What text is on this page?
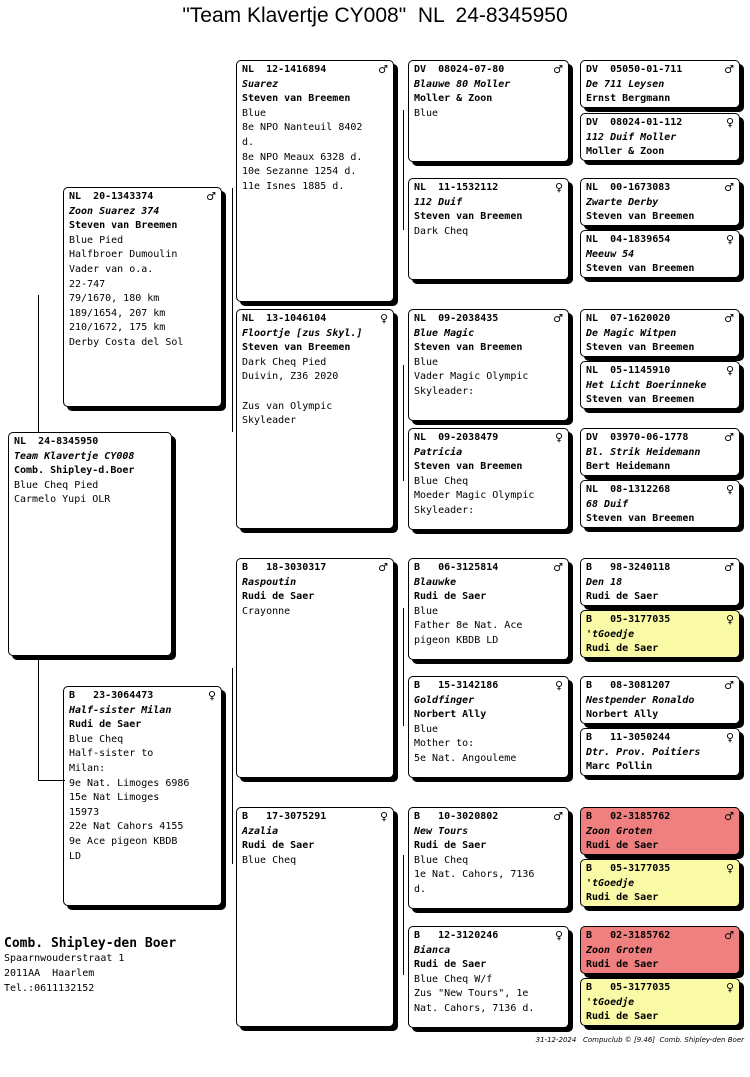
"Team Klavertje CY008"  NL  24-8345950
NL  24-8345950
Team Klavertje CY008
Comb. Shipley-d.Boer
Blue Cheq Pied
Carmelo Yupi OLR
NL  20-1343374	♂
Zoon Suarez 374
Steven van Breemen
Blue Pied
Halfbroer Dumoulin
Vader van o.a.
22-747
79/1670, 180 km
189/1654, 207 km
210/1672, 175 km
Derby Costa del Sol
B   23-3064473	♀
Half-sister Milan
Rudi de Saer
Blue Cheq
Half-sister to
Milan:
9e Nat. Limoges 6986
15e Nat Limoges
15973
22e Nat Cahors 4155
9e Ace pigeon KBDB
LD
NL  12-1416894	♂
Suarez
Steven van Breemen
Blue
8e NPO Nanteuil 8402
d.
8e NPO Meaux 6328 d.
10e Sezanne 1254 d.
11e Isnes 1885 d.
NL  13-1046104	♀
Floortje [zus Skyl.]
Steven van Breemen
Dark Cheq Pied
Duivin, Z36 2020
Zus van Olympic
Skyleader
B   18-3030317	♂
Raspoutin
Rudi de Saer
Crayonne
B   17-3075291	♀
Azalia
Rudi de Saer
Blue Cheq
DV  08024-07-80	♂
Blauwe 80 Moller
Moller & Zoon
Blue
NL  11-1532112	♀
112 Duif
Steven van Breemen
Dark Cheq
NL  09-2038435	♂
Blue Magic
Steven van Breemen
Blue
Vader Magic Olympic
Skyleader:
NL  09-2038479	♀
Patricia
Steven van Breemen
Blue Cheq
Moeder Magic Olympic
Skyleader:
B   06-3125814	♂
Blauwke
Rudi de Saer
Blue
Father 8e Nat. Ace
pigeon KBDB LD
B   15-3142186	♀
Goldfinger
Norbert Ally
Blue
Mother to:
5e Nat. Angouleme
B   10-3020802	♂
New Tours
Rudi de Saer
Blue Cheq
1e Nat. Cahors, 7136
d.
B   12-3120246	♀
Bianca
Rudi de Saer
Blue Cheq W/f
Zus "New Tours", 1e
Nat. Cahors, 7136 d.
DV  05050-01-711	♂
De 711 Leysen
Ernst Bergmann
DV  08024-01-112	♀
112 Duif Moller
Moller & Zoon
NL  00-1673083	♂
Zwarte Derby
Steven van Breemen
NL  04-1839654	♀
Meeuw 54
Steven van Breemen
NL  07-1620020	♂
De Magic Witpen
Steven van Breemen
NL  05-1145910	♀
Het Licht Boerinneke
Steven van Breemen
DV  03970-06-1778	♂
Bl. Strik Heidemann
Bert Heidemann
NL  08-1312268	♀
68 Duif
Steven van Breemen
B   98-3240118	♂
Den 18
Rudi de Saer
B   05-3177035	♀
'tGoedje
Rudi de Saer
B   08-3081207	♂
Nestpender Ronaldo
Norbert Ally
B   11-3050244	♀
Dtr. Prov. Poitiers
Marc Pollin
B   02-3185762	♂
Zoon Groten
Rudi de Saer
B   05-3177035	♀
'tGoedje
Rudi de Saer
B   02-3185762	♂
Zoon Groten
Rudi de Saer
B   05-3177035	♀
'tGoedje
Rudi de Saer
Comb. Shipley-den Boer
Spaarnwouderstraat 1
2011AA  Haarlem
Tel.:0611132152
31-12-2024   Compuclub © [9.46]  Comb. Shipley-den Boer
